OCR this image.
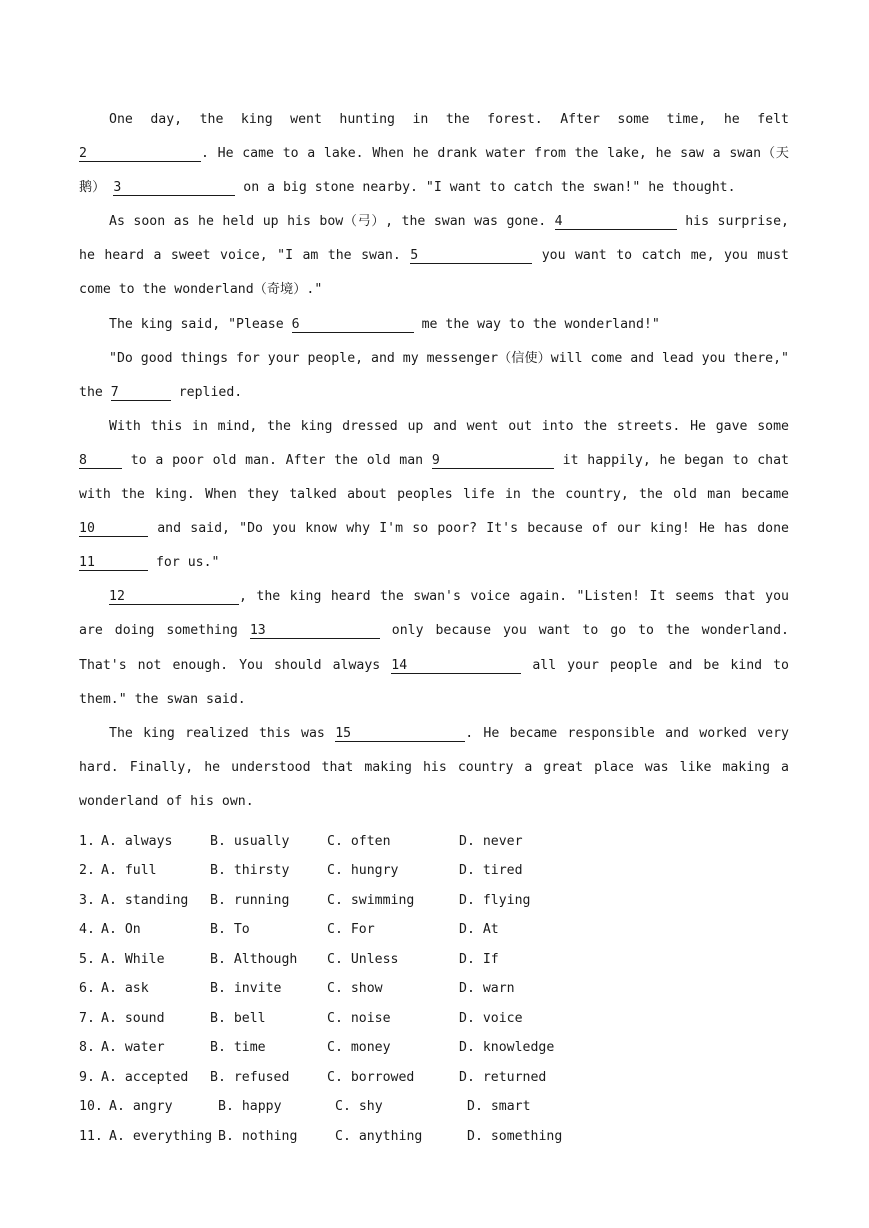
One day, the king went hunting in the forest. After some time, he felt 2	. He came to a lake. When he drank water from the lake, he saw a swan（天鹅） 3	on a big stone nearby. "I want to catch the swan!" he thought.

As soon as he held up his bow（弓）, the swan was gone. 4	his surprise, he heard a sweet voice, "I am the swan. 5	you want to catch me, you must come to the wonderland（奇境）."

The king said, "Please 6	me the way to the wonderland!"

"Do good things for your people, and my messenger（信使）will come and lead you there," the 7	replied.

With this in mind, the king dressed up and went out into the streets. He gave some 8	to a poor old man. After the old man 9	it happily, he began to chat with the king. When they talked about peoples life in the country, the old man became 10	and said, "Do you know why I'm so poor? It's because of our king! He has done 11	for us."

12	, the king heard the swan's voice again. "Listen! It seems that you are doing something 13	only because you want to go to the wonderland. That's not enough. You should always 14	all your people and be kind to them." the swan said.

The king realized this was 15	. He became responsible and worked very hard. Finally, he understood that making his country a great place was like making a wonderland of his own.

1. A. always	B. usually	C. often	D. never
2. A. full	B. thirsty	C. hungry	D. tired
3. A. standing	B. running	C. swimming	D. flying
4. A. On	B. To	C. For	D. At
5. A. While	B. Although	C. Unless	D. If
6. A. ask	B. invite	C. show	D. warn
7. A. sound	B. bell	C. noise	D. voice
8. A. water	B. time	C. money	D. knowledge
9. A. accepted	B. refused	C. borrowed	D. returned
10. A. angry	B. happy	C. shy	D. smart
11. A. everything B. nothing	C. anything	D. something
